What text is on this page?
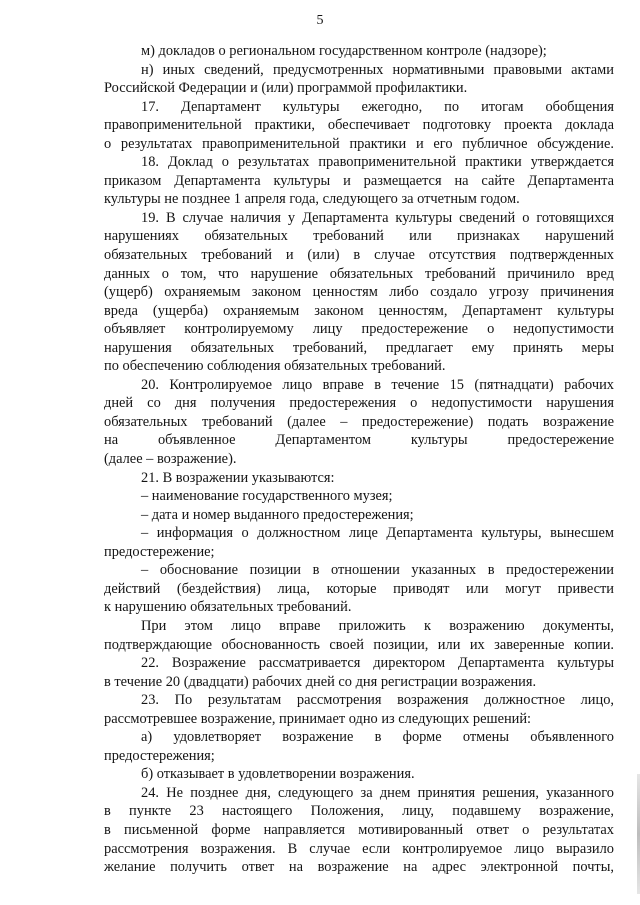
5
м) докладов о региональном государственном контроле (надзоре);
н) иных сведений, предусмотренных нормативными правовыми актами
Российской Федерации и (или) программой профилактики.
17. Департамент культуры ежегодно, по итогам обобщения
правоприменительной практики, обеспечивает подготовку проекта доклада
о результатах правоприменительной практики и его публичное обсуждение.
18. Доклад о результатах правоприменительной практики утверждается
приказом Департамента культуры и размещается на сайте Департамента
культуры не позднее 1 апреля года, следующего за отчетным годом.
19. В случае наличия у Департамента культуры сведений о готовящихся
нарушениях обязательных требований или признаках нарушений
обязательных требований и (или) в случае отсутствия подтвержденных
данных о том, что нарушение обязательных требований причинило вред
(ущерб) охраняемым законом ценностям либо создало угрозу причинения
вреда (ущерба) охраняемым законом ценностям, Департамент культуры
объявляет контролируемому лицу предостережение о недопустимости
нарушения обязательных требований, предлагает ему принять меры
по обеспечению соблюдения обязательных требований.
20. Контролируемое лицо вправе в течение 15 (пятнадцати) рабочих
дней со дня получения предостережения о недопустимости нарушения
обязательных требований (далее – предостережение) подать возражение
на объявленное Департаментом культуры предостережение
(далее – возражение).
21. В возражении указываются:
– наименование государственного музея;
– дата и номер выданного предостережения;
– информация о должностном лице Департамента культуры, вынесшем
предостережение;
– обоснование позиции в отношении указанных в предостережении
действий (бездействия) лица, которые приводят или могут привести
к нарушению обязательных требований.
При этом лицо вправе приложить к возражению документы,
подтверждающие обоснованность своей позиции, или их заверенные копии.
22. Возражение рассматривается директором Департамента культуры
в течение 20 (двадцати) рабочих дней со дня регистрации возражения.
23. По результатам рассмотрения возражения должностное лицо,
рассмотревшее возражение, принимает одно из следующих решений:
а) удовлетворяет возражение в форме отмены объявленного
предостережения;
б) отказывает в удовлетворении возражения.
24. Не позднее дня, следующего за днем принятия решения, указанного
в пункте 23 настоящего Положения, лицу, подавшему возражение,
в письменной форме направляется мотивированный ответ о результатах
рассмотрения возражения. В случае если контролируемое лицо выразило
желание получить ответ на возражение на адрес электронной почты,
